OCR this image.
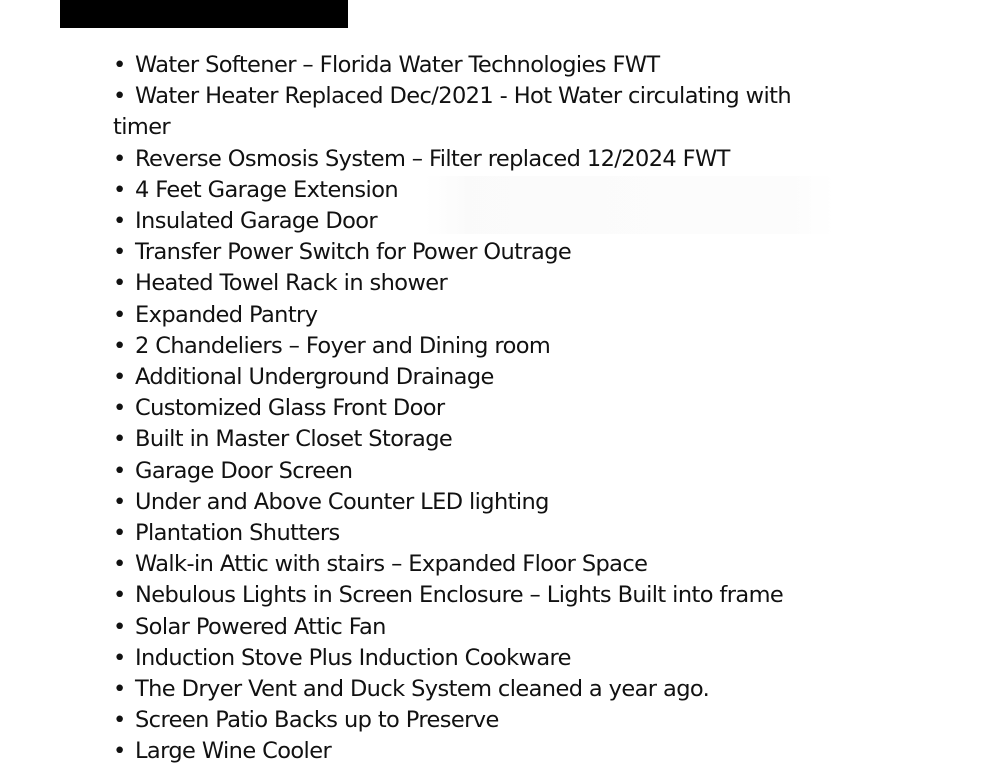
• Water Softener – Florida Water Technologies FWT
• Water Heater Replaced Dec/2021 - Hot Water circulating with timer
• Reverse Osmosis System – Filter replaced 12/2024 FWT
• 4 Feet Garage Extension
• Insulated Garage Door
• Transfer Power Switch for Power Outrage
• Heated Towel Rack in shower
• Expanded Pantry
• 2 Chandeliers – Foyer and Dining room
• Additional Underground Drainage
• Customized Glass Front Door
• Built in Master Closet Storage
• Garage Door Screen
• Under and Above Counter LED lighting
• Plantation Shutters
• Walk-in Attic with stairs – Expanded Floor Space
• Nebulous Lights in Screen Enclosure – Lights Built into frame
• Solar Powered Attic Fan
• Induction Stove Plus Induction Cookware
• The Dryer Vent and Duck System cleaned a year ago.
• Screen Patio Backs up to Preserve
• Large Wine Cooler
